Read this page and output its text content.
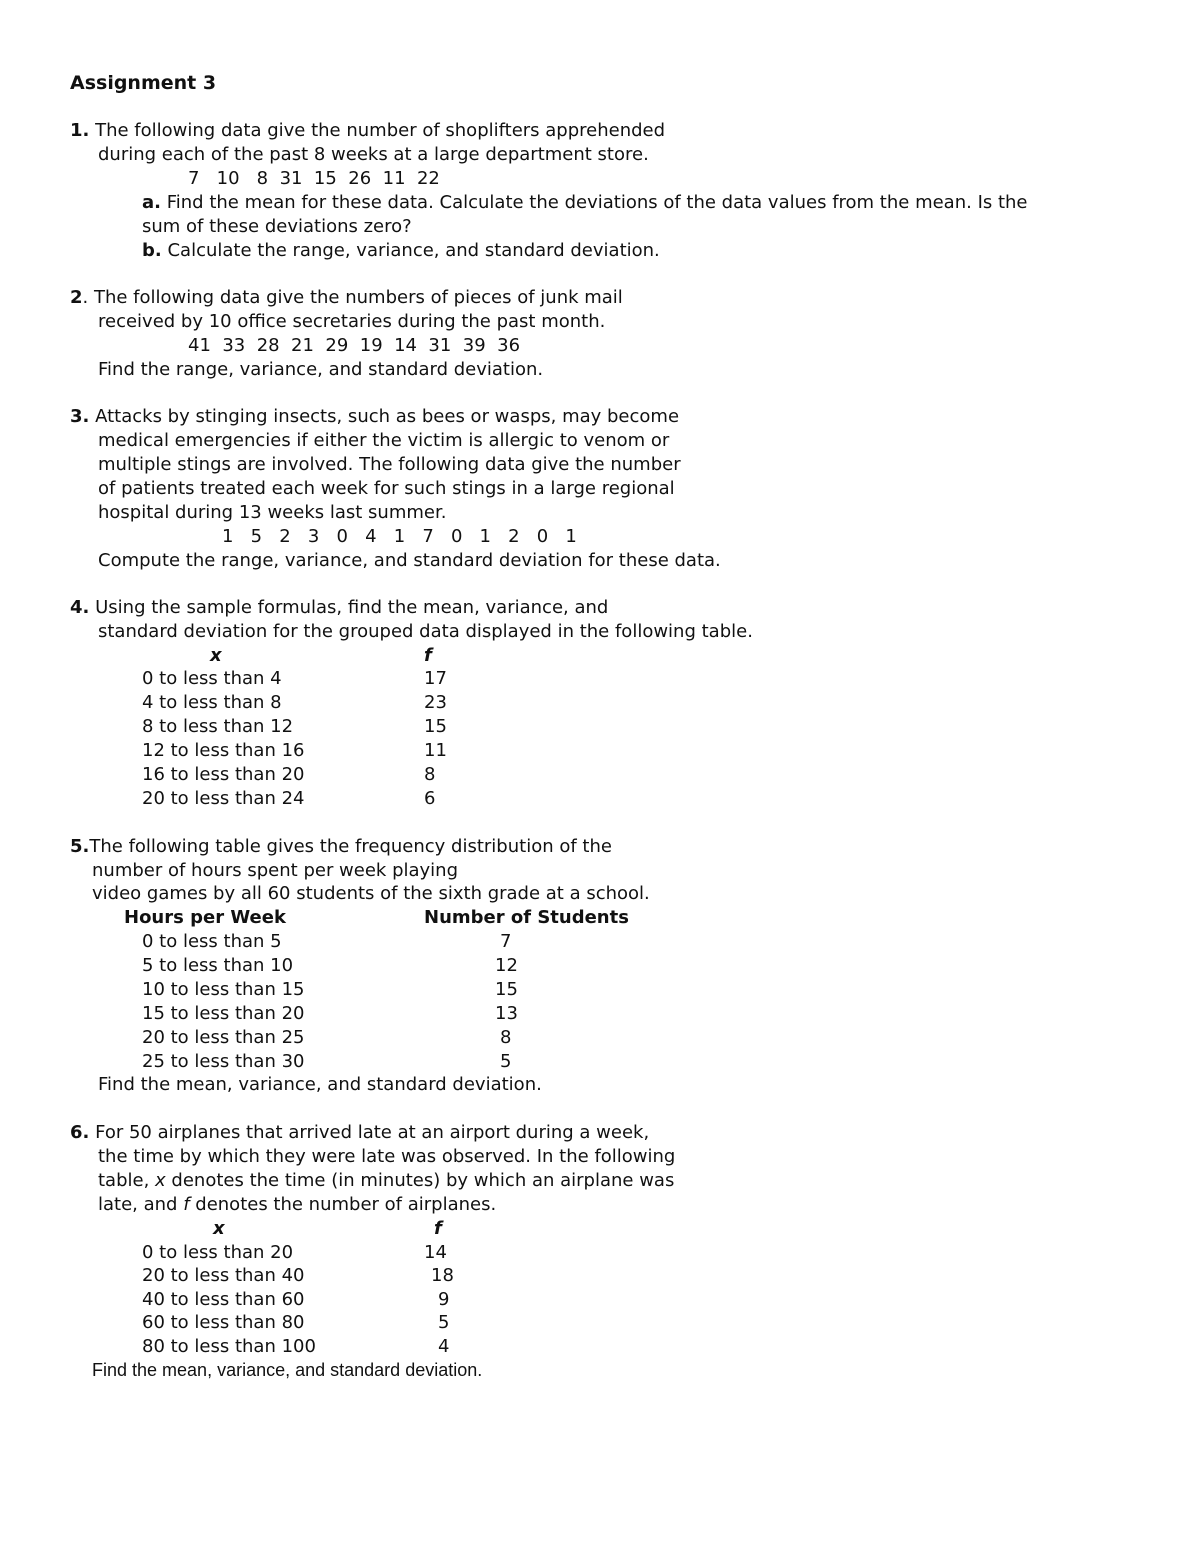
Assignment 3
1. The following data give the number of shoplifters apprehended
during each of the past 8 weeks at a large department store.
7   10   8  31  15  26  11  22
a. Find the mean for these data. Calculate the deviations of the data values from the mean. Is the
sum of these deviations zero?
b. Calculate the range, variance, and standard deviation.
2. The following data give the numbers of pieces of junk mail
received by 10 office secretaries during the past month.
41  33  28  21  29  19  14  31  39  36
Find the range, variance, and standard deviation.
3. Attacks by stinging insects, such as bees or wasps, may become
medical emergencies if either the victim is allergic to venom or
multiple stings are involved. The following data give the number
of patients treated each week for such stings in a large regional
hospital during 13 weeks last summer.
1   5   2   3   0   4   1   7   0   1   2   0   1
Compute the range, variance, and standard deviation for these data.
4. Using the sample formulas, find the mean, variance, and
standard deviation for the grouped data displayed in the following table.
x	f
0 to less than 4	17
4 to less than 8	23
8 to less than 12	15
12 to less than 16	11
16 to less than 20	8
20 to less than 24	6
5.The following table gives the frequency distribution of the
number of hours spent per week playing
video games by all 60 students of the sixth grade at a school.
Hours per Week	Number of Students
0 to less than 5	7
5 to less than 10	12
10 to less than 15	15
15 to less than 20	13
20 to less than 25	8
25 to less than 30	5
Find the mean, variance, and standard deviation.
6. For 50 airplanes that arrived late at an airport during a week,
the time by which they were late was observed. In the following
table, x denotes the time (in minutes) by which an airplane was
late, and f denotes the number of airplanes.
x	f
0 to less than 20	14
20 to less than 40	18
40 to less than 60	9
60 to less than 80	5
80 to less than 100	4
Find the mean, variance, and standard deviation.
